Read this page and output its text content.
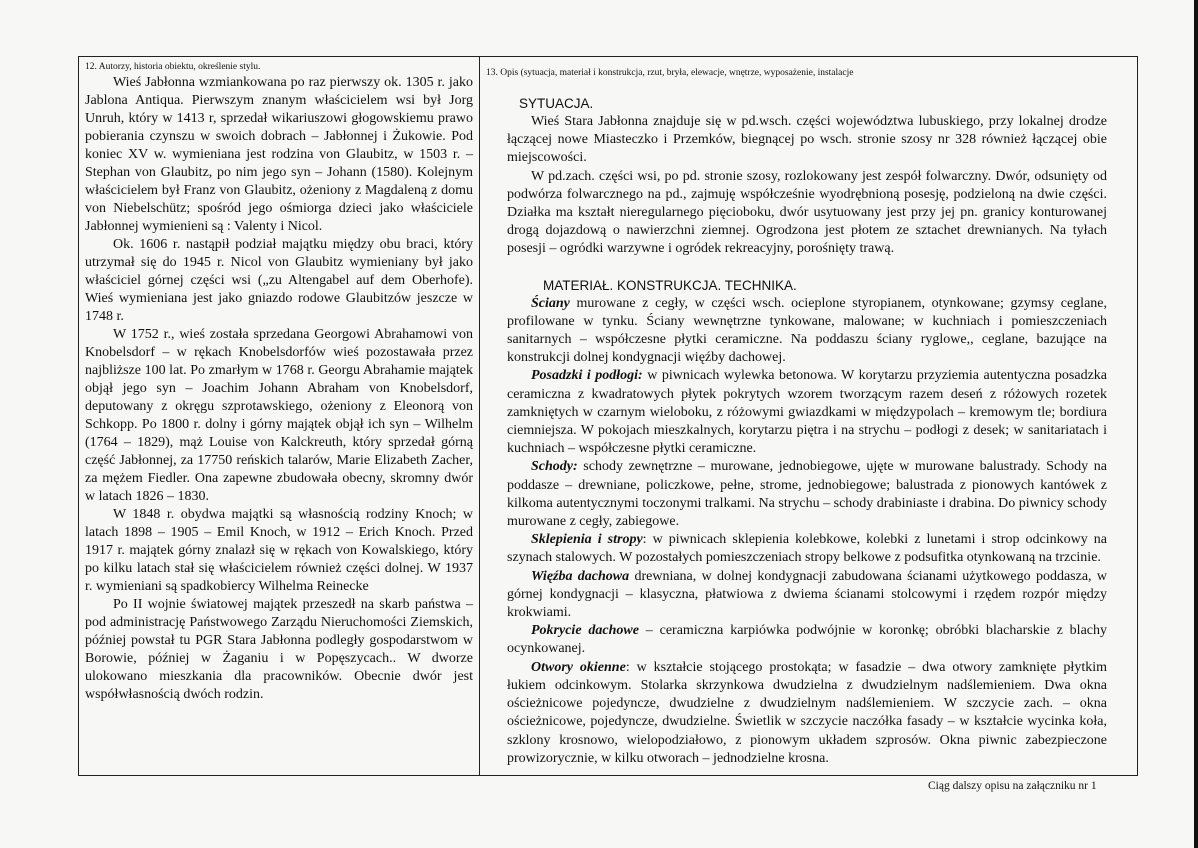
12. Autorzy, historia obiektu, określenie stylu.

Wieś Jabłonna wzmiankowana po raz pierwszy ok. 1305 r. jako Jablona Antiqua. Pierwszym znanym właścicielem wsi był Jorg Unruh, który w 1413 r, sprzedał wikariuszowi głogowskiemu prawo pobierania czynszu w swoich dobrach – Jabłonnej i Żukowie. Pod koniec XV w. wymieniana jest rodzina von Glaubitz, w 1503 r. – Stephan von Glaubitz, po nim jego syn – Johann (1580). Kolejnym właścicielem był Franz von Glaubitz, ożeniony z Magdaleną z domu von Niebelschütz; spośród jego ośmiorga dzieci jako właściciele Jabłonnej wymienieni są : Valenty i Nicol.

Ok. 1606 r. nastąpił podział majątku między obu braci, który utrzymał się do 1945 r. Nicol von Glaubitz wymieniany był jako właściciel górnej części wsi („zu Altengabel auf dem Oberhofe). Wieś wymieniana jest jako gniazdo rodowe Glaubitzów jeszcze w 1748 r.

W 1752 r., wieś została sprzedana Georgowi Abrahamowi von Knobelsdorf – w rękach Knobelsdorfów wieś pozostawała przez najbliższe 100 lat. Po zmarłym w 1768 r. Georgu Abrahamie majątek objął jego syn – Joachim Johann Abraham von Knobelsdorf, deputowany z okręgu szprotawskiego, ożeniony z Eleonorą von Schkopp. Po 1800 r. dolny i górny majątek objął ich syn – Wilhelm (1764 – 1829), mąż Louise von Kalckreuth, który sprzedał górną część Jabłonnej, za 17750 reńskich talarów, Marie Elizabeth Zacher, za mężem Fiedler. Ona zapewne zbudowała obecny, skromny dwór w latach 1826 – 1830.

W 1848 r. obydwa majątki są własnością rodziny Knoch; w latach 1898 – 1905 – Emil Knoch, w 1912 – Erich Knoch. Przed 1917 r. majątek górny znalazł się w rękach von Kowalskiego, który po kilku latach stał się właścicielem również części dolnej. W 1937 r. wymieniani są spadkobiercy Wilhelma Reinecke

Po II wojnie światowej majątek przeszedł na skarb państwa – pod administrację Państwowego Zarządu Nieruchomości Ziemskich, później powstał tu PGR Stara Jabłonna podległy gospodarstwom w Borowie, później w Żaganiu i w Popęszycach.. W dworze ulokowano mieszkania dla pracowników. Obecnie dwór jest współwłasnością dwóch rodzin.

13. Opis (sytuacja, materiał i konstrukcja, rzut, bryła, elewacje, wnętrze, wyposażenie, instalacje

SYTUACJA.

Wieś Stara Jabłonna znajduje się w pd.wsch. części województwa lubuskiego, przy lokalnej drodze łączącej nowe Miasteczko i Przemków, biegnącej po wsch. stronie szosy nr 328 również łączącej obie miejscowości.

W pd.zach. części wsi, po pd. stronie szosy, rozlokowany jest zespół folwarczny. Dwór, odsunięty od podwórza folwarcznego na pd., zajmuję współcześnie wyodrębnioną posesję, podzieloną na dwie części. Działka ma kształt nieregularnego pięcioboku, dwór usytuowany jest przy jej pn. granicy konturowanej drogą dojazdową o nawierzchni ziemnej. Ogrodzona jest płotem ze sztachet drewnianych. Na tyłach posesji – ogródki warzywne i ogródek rekreacyjny, porośnięty trawą.

MATERIAŁ. KONSTRUKCJA. TECHNIKA.

Ściany murowane z cegły, w części wsch. ocieplone styropianem, otynkowane; gzymsy ceglane, profilowane w tynku. Ściany wewnętrzne tynkowane, malowane; w kuchniach i pomieszczeniach sanitarnych – współczesne płytki ceramiczne. Na poddaszu ściany ryglowe,, ceglane, bazujące na konstrukcji dolnej kondygnacji więźby dachowej.

Posadzki i podłogi: w piwnicach wylewka betonowa. W korytarzu przyziemia autentyczna posadzka ceramiczna z kwadratowych płytek pokrytych wzorem tworzącym razem deseń z różowych rozetek zamkniętych w czarnym wieloboku, z różowymi gwiazdkami w międzypolach – kremowym tle; bordiura ciemniejsza. W pokojach mieszkalnych, korytarzu piętra i na strychu – podłogi z desek; w sanitariatach i kuchniach – współczesne płytki ceramiczne.

Schody: schody zewnętrzne – murowane, jednobiegowe, ujęte w murowane balustrady. Schody na poddasze – drewniane, policzkowe, pełne, strome, jednobiegowe; balustrada z pionowych kantówek z kilkoma autentycznymi toczonymi tralkami. Na strychu – schody drabiniaste i drabina. Do piwnicy schody murowane z cegły, zabiegowe.

Sklepienia i stropy: w piwnicach sklepienia kolebkowe, kolebki z lunetami i strop odcinkowy na szynach stalowych. W pozostałych pomieszczeniach stropy belkowe z podsufitka otynkowaną na trzcinie.

Więźba dachowa drewniana, w dolnej kondygnacji zabudowana ścianami użytkowego poddasza, w górnej kondygnacji – klasyczna, płatwiowa z dwiema ścianami stolcowymi i rzędem rozpór między krokwiami.

Pokrycie dachowe – ceramiczna karpiówka podwójnie w koronkę; obróbki blacharskie z blachy ocynkowanej.

Otwory okienne: w kształcie stojącego prostokąta; w fasadzie – dwa otwory zamknięte płytkim łukiem odcinkowym. Stolarka skrzynkowa dwudzielna z dwudzielnym nadślemieniem. Dwa okna ościeżnicowe pojedyncze, dwudzielne z dwudzielnym nadślemieniem. W szczycie zach. – okna ościeżnicowe, pojedyncze, dwudzielne. Świetlik w szczycie naczółka fasady – w kształcie wycinka koła, szklony krosnowo, wielopodziałowo, z pionowym układem szprosów. Okna piwnic zabezpieczone prowizorycznie, w kilku otworach – jednodzielne krosna.

Ciąg dalszy opisu na załączniku nr 1
